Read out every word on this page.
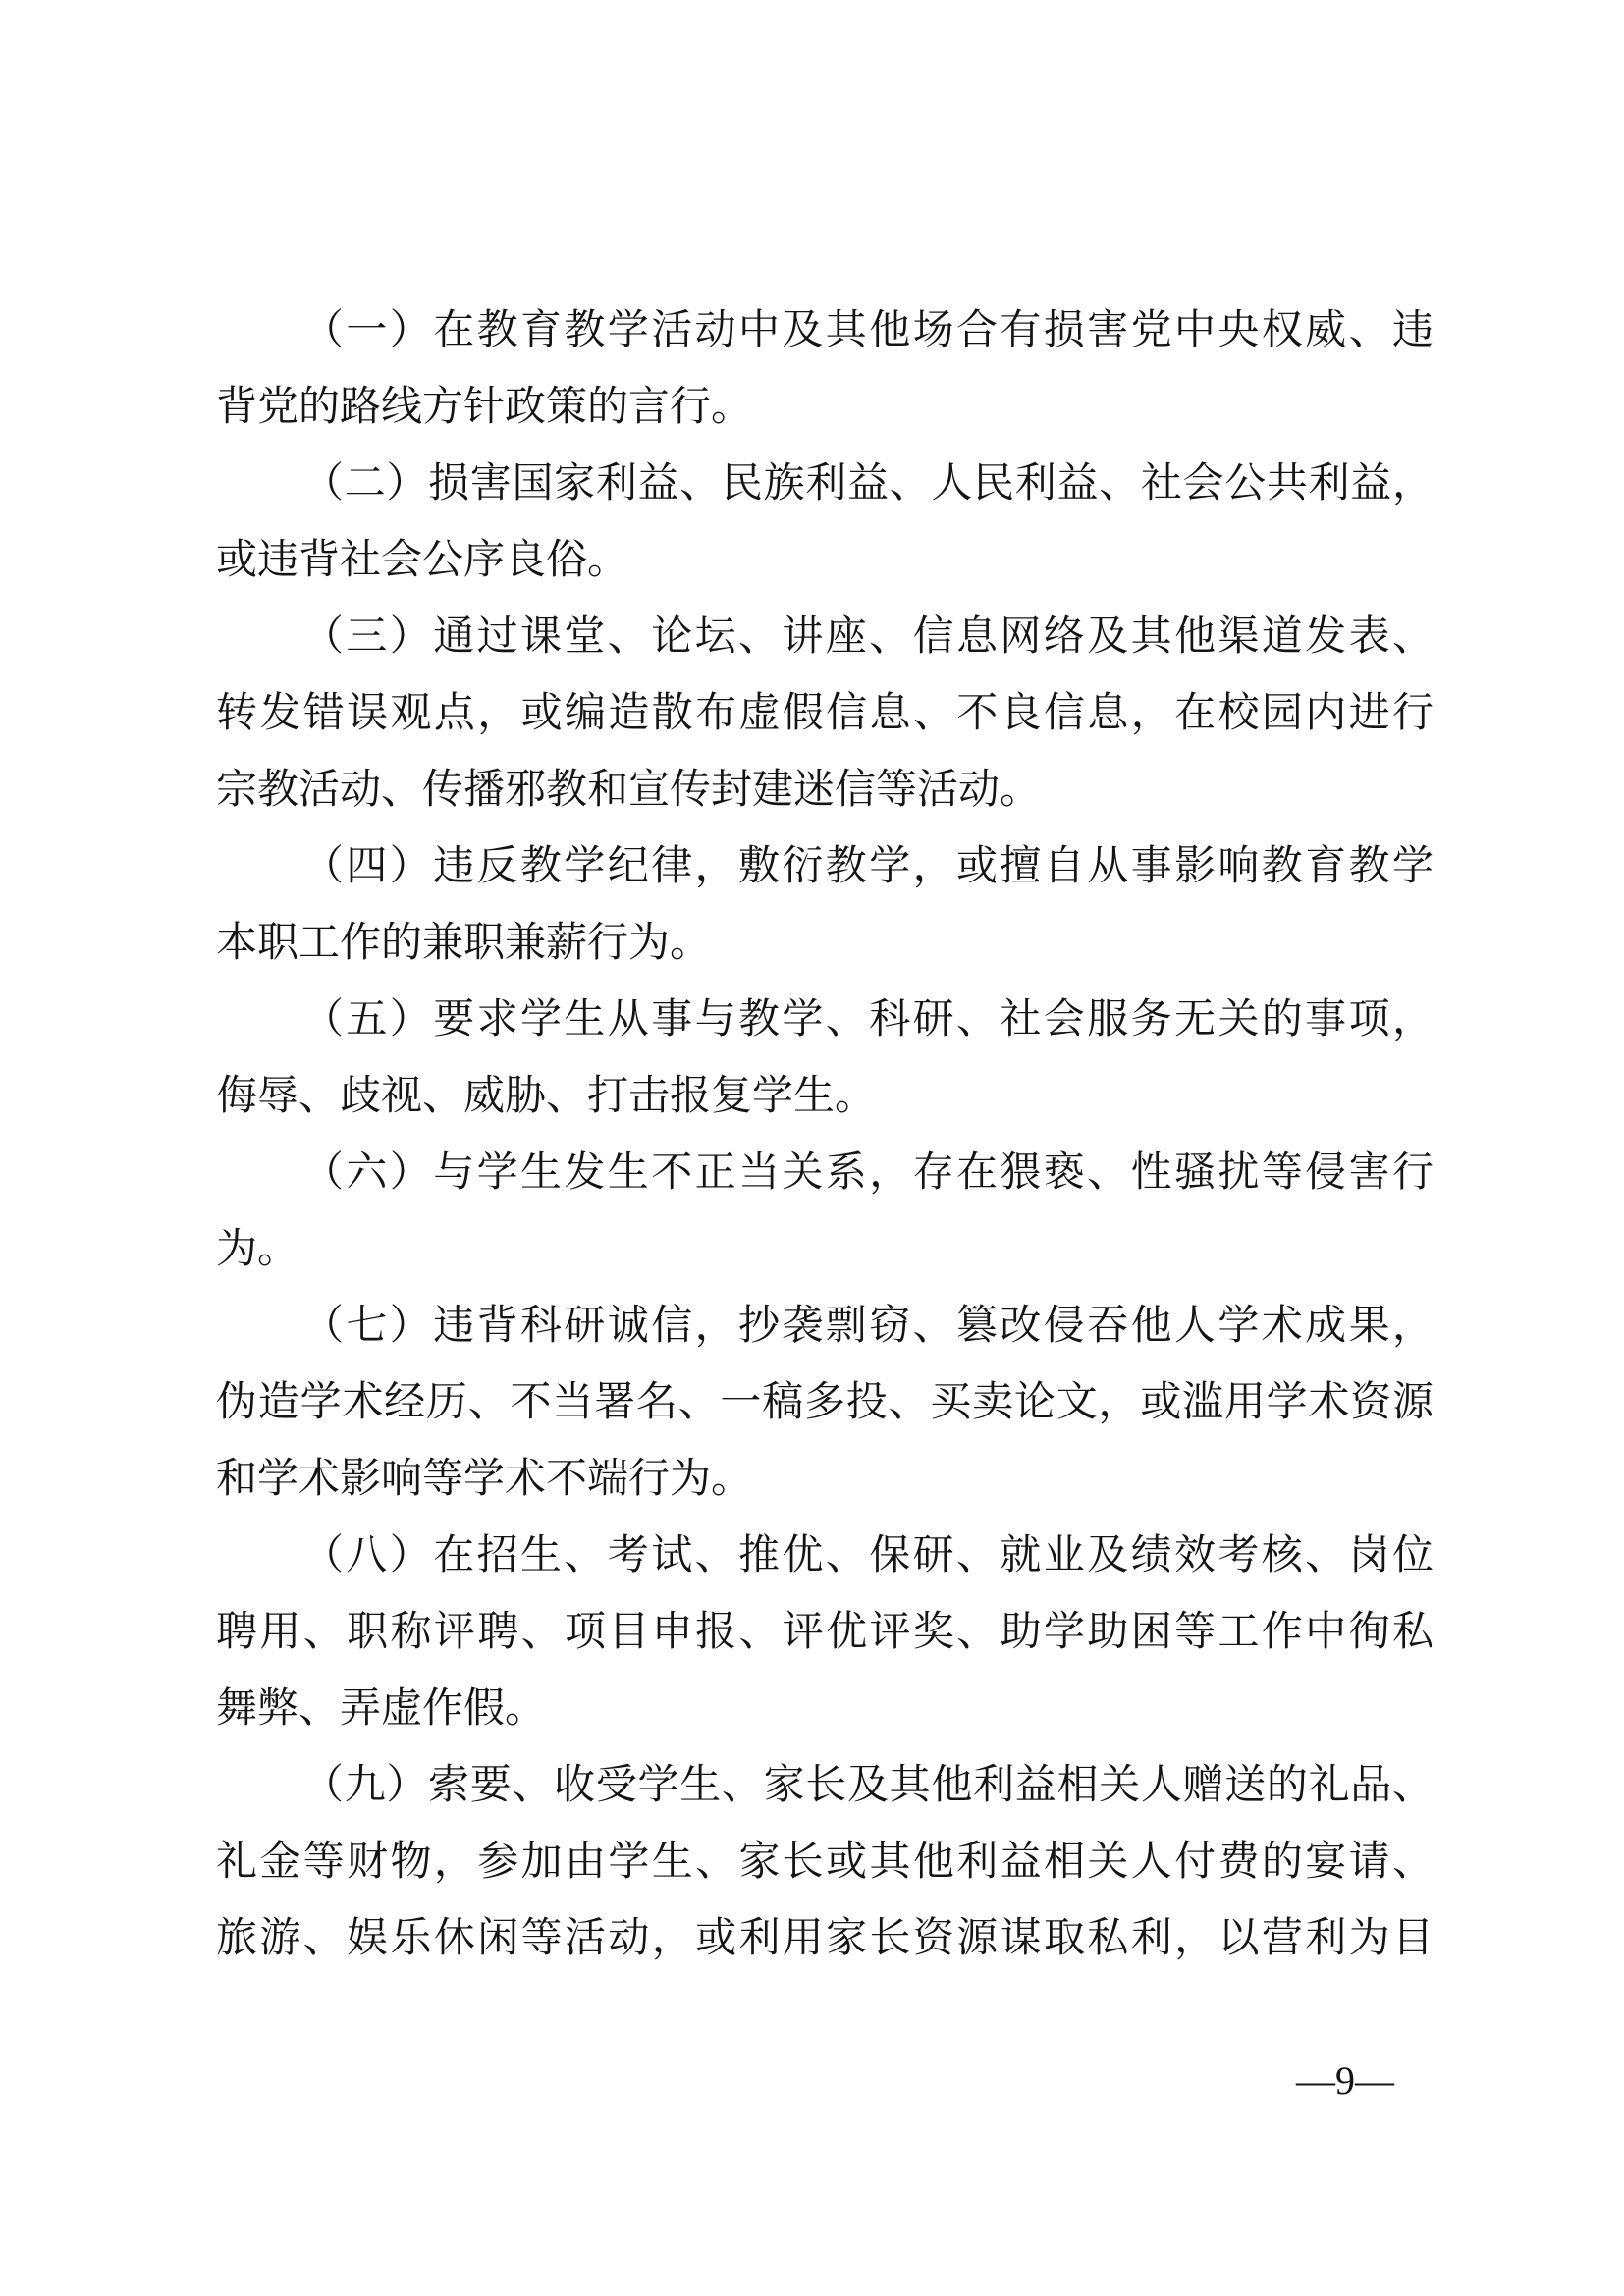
（一）在教育教学活动中及其他场合有损害党中央权威、违
背党的路线方针政策的言行。
（二）损害国家利益、民族利益、人民利益、社会公共利益，
或违背社会公序良俗。
（三）通过课堂、论坛、讲座、信息网络及其他渠道发表、
转发错误观点，或编造散布虚假信息、不良信息，在校园内进行
宗教活动、传播邪教和宣传封建迷信等活动。
（四）违反教学纪律，敷衍教学，或擅自从事影响教育教学
本职工作的兼职兼薪行为。
（五）要求学生从事与教学、科研、社会服务无关的事项，
侮辱、歧视、威胁、打击报复学生。
（六）与学生发生不正当关系，存在猥亵、性骚扰等侵害行
为。
（七）违背科研诚信，抄袭剽窃、篡改侵吞他人学术成果，
伪造学术经历、不当署名、一稿多投、买卖论文，或滥用学术资源
和学术影响等学术不端行为。
（八）在招生、考试、推优、保研、就业及绩效考核、岗位
聘用、职称评聘、项目申报、评优评奖、助学助困等工作中徇私
舞弊、弄虚作假。
（九）索要、收受学生、家长及其他利益相关人赠送的礼品、
礼金等财物，参加由学生、家长或其他利益相关人付费的宴请、
旅游、娱乐休闲等活动，或利用家长资源谋取私利，以营利为目
—9—
